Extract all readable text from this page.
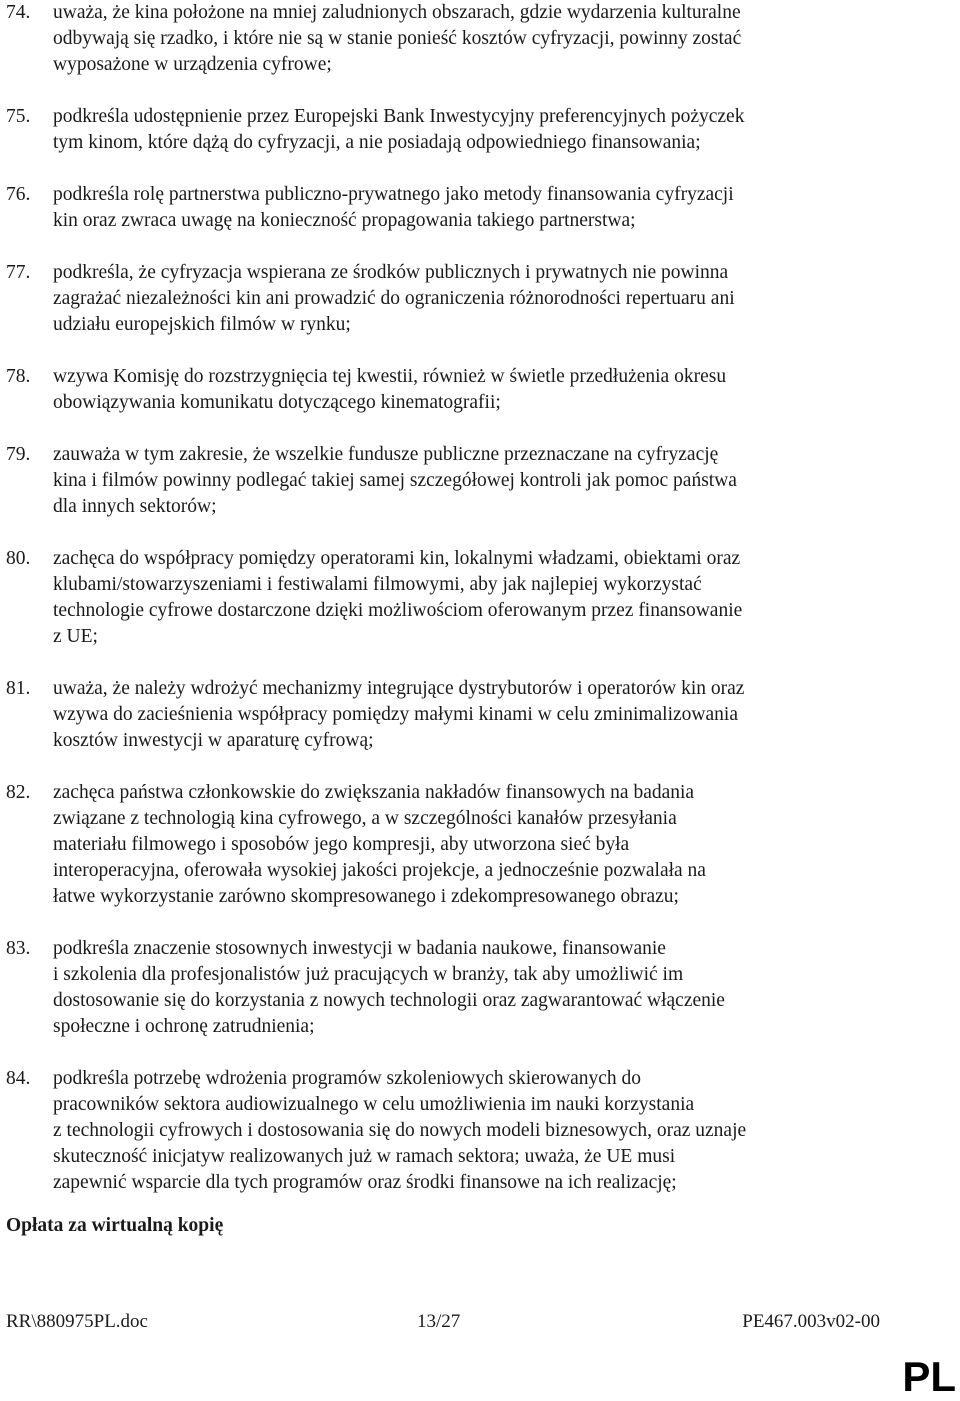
74.	uważa, że kina położone na mniej zaludnionych obszarach, gdzie wydarzenia kulturalne
odbywają się rzadko, i które nie są w stanie ponieść kosztów cyfryzacji, powinny zostać
wyposażone w urządzenia cyfrowe;
75.	podkreśla udostępnienie przez Europejski Bank Inwestycyjny preferencyjnych pożyczek
tym kinom, które dążą do cyfryzacji, a nie posiadają odpowiedniego finansowania;
76.	podkreśla rolę partnerstwa publiczno-prywatnego jako metody finansowania cyfryzacji
kin oraz zwraca uwagę na konieczność propagowania takiego partnerstwa;
77.	podkreśla, że cyfryzacja wspierana ze środków publicznych i prywatnych nie powinna
zagrażać niezależności kin ani prowadzić do ograniczenia różnorodności repertuaru ani
udziału europejskich filmów w rynku;
78.	wzywa Komisję do rozstrzygnięcia tej kwestii, również w świetle przedłużenia okresu
obowiązywania komunikatu dotyczącego kinematografii;
79.	zauważa w tym zakresie, że wszelkie fundusze publiczne przeznaczane na cyfryzację
kina i filmów powinny podlegać takiej samej szczegółowej kontroli jak pomoc państwa
dla innych sektorów;
80.	zachęca do współpracy pomiędzy operatorami kin, lokalnymi władzami, obiektami oraz
klubami/stowarzyszeniami i festiwalami filmowymi, aby jak najlepiej wykorzystać
technologie cyfrowe dostarczone dzięki możliwościom oferowanym przez finansowanie
z UE;
81.	uważa, że należy wdrożyć mechanizmy integrujące dystrybutorów i operatorów kin oraz
wzywa do zacieśnienia współpracy pomiędzy małymi kinami w celu zminimalizowania
kosztów inwestycji w aparaturę cyfrową;
82.	zachęca państwa członkowskie do zwiększania nakładów finansowych na badania
związane z technologią kina cyfrowego, a w szczególności kanałów przesyłania
materiału filmowego i sposobów jego kompresji, aby utworzona sieć była
interoperacyjna, oferowała wysokiej jakości projekcje, a jednocześnie pozwalała na
łatwe wykorzystanie zarówno skompresowanego i zdekompresowanego obrazu;
83.	podkreśla znaczenie stosownych inwestycji w badania naukowe, finansowanie
i szkolenia dla profesjonalistów już pracujących w branży, tak aby umożliwić im
dostosowanie się do korzystania z nowych technologii oraz zagwarantować włączenie
społeczne i ochronę zatrudnienia;
84.	podkreśla potrzebę wdrożenia programów szkoleniowych skierowanych do
pracowników sektora audiowizualnego w celu umożliwienia im nauki korzystania
z technologii cyfrowych i dostosowania się do nowych modeli biznesowych, oraz uznaje
skuteczność inicjatyw realizowanych już w ramach sektora; uważa, że UE musi
zapewnić wsparcie dla tych programów oraz środki finansowe na ich realizację;
Opłata za wirtualną kopię
RR\880975PL.doc	13/27	PE467.003v02-00
PL
